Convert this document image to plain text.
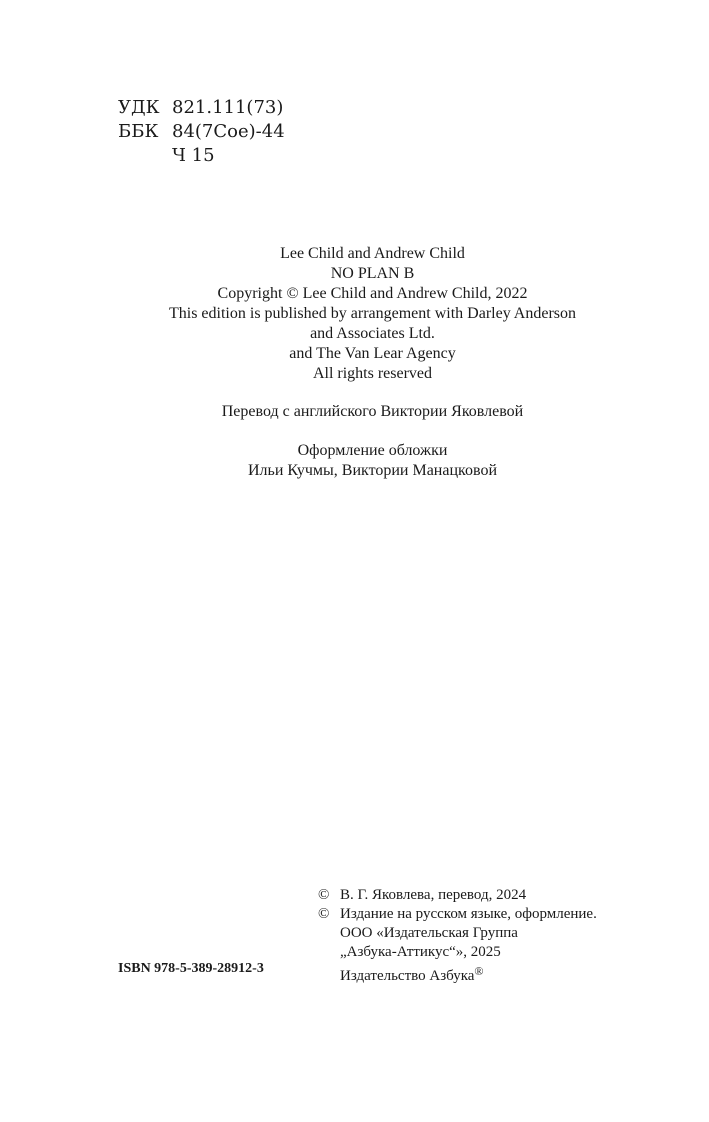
УДК 821.111(73)
ББК 84(7Сое)-44
Ч 15
Lee Child and Andrew Child
NO PLAN B
Copyright © Lee Child and Andrew Child, 2022
This edition is published by arrangement with Darley Anderson
and Associates Ltd.
and The Van Lear Agency
All rights reserved
Перевод с английского Виктории Яковлевой
Оформление обложки
Ильи Кучмы, Виктории Манацковой
© В. Г. Яковлева, перевод, 2024
© Издание на русском языке, оформление.
ООО «Издательская Группа
„Азбука-Аттикус“», 2025
Издательство Азбука®
ISBN 978-5-389-28912-3
